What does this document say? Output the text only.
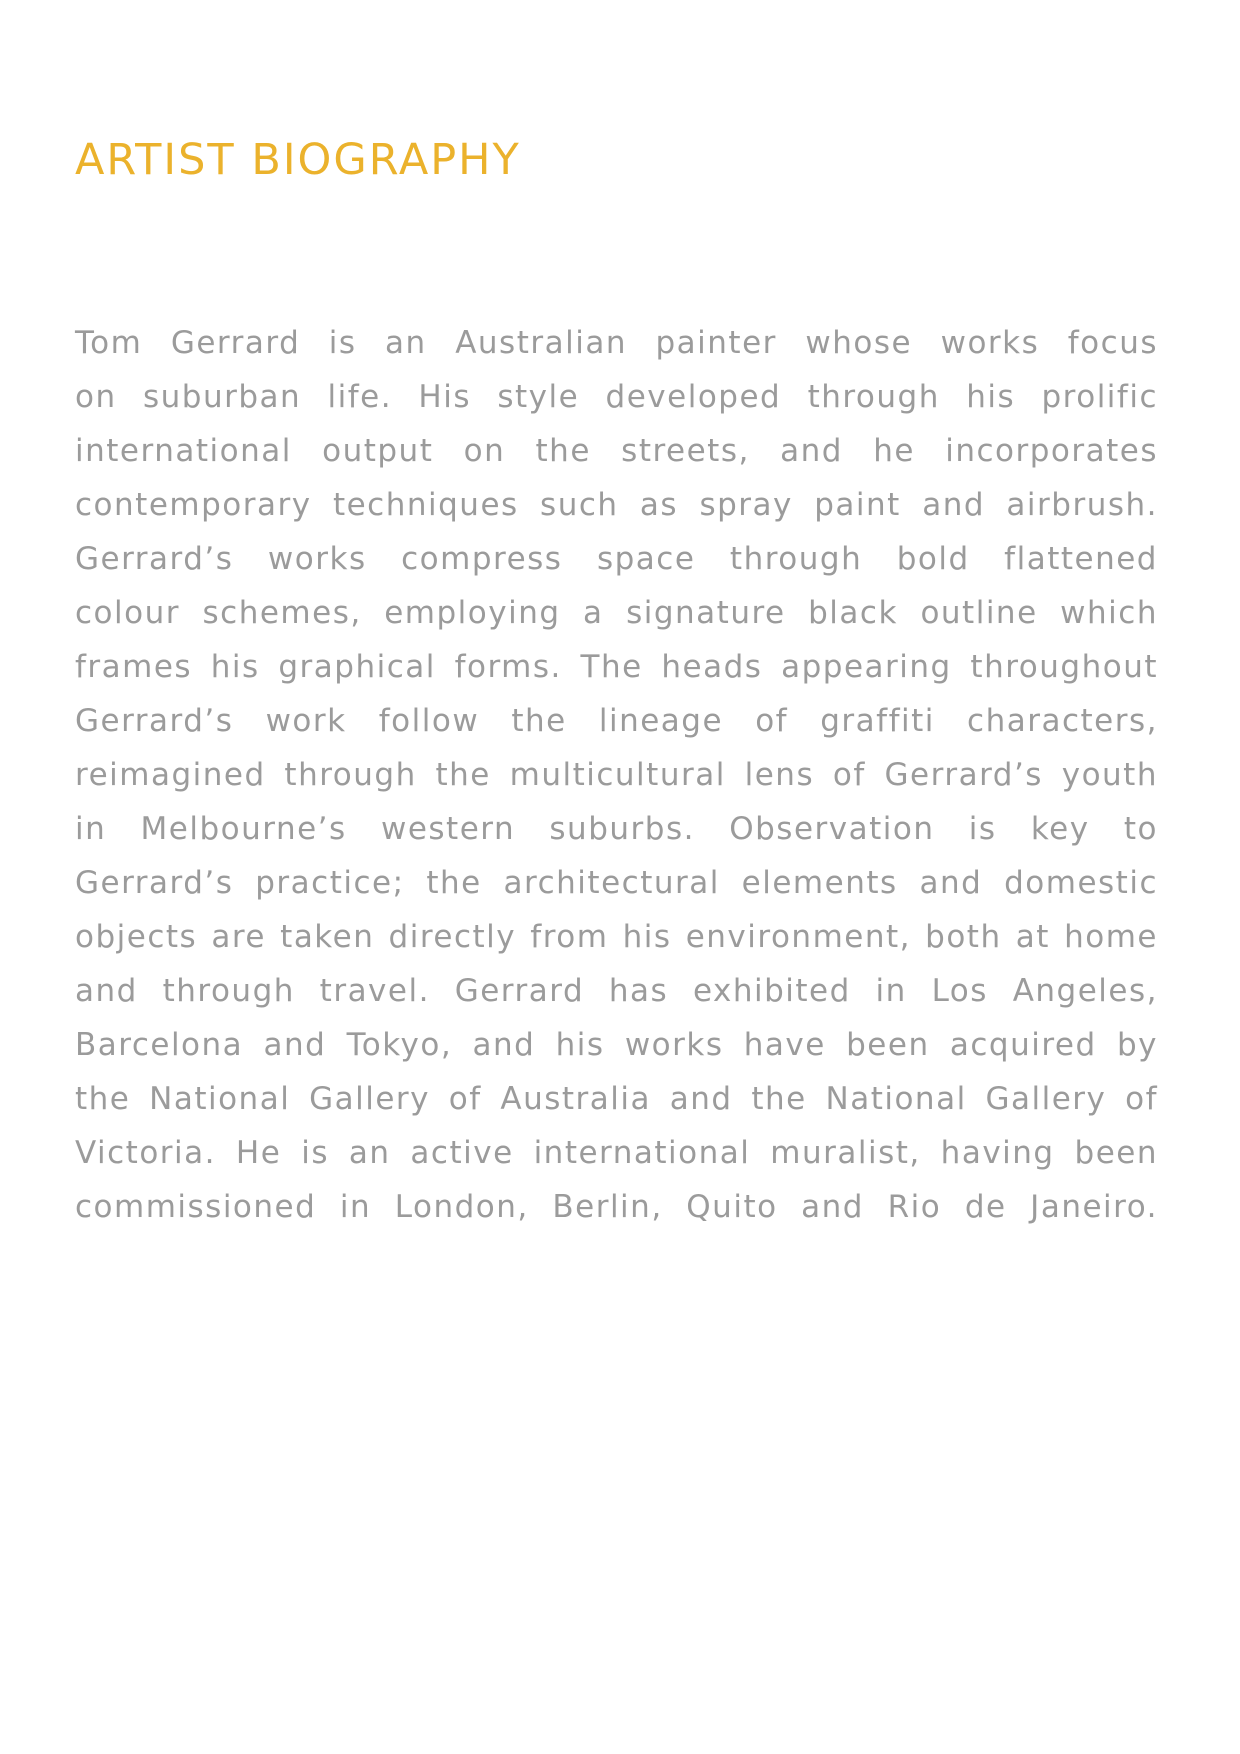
ARTIST BIOGRAPHY
Tom Gerrard is an Australian painter whose works focus
on suburban life. His style developed through his prolific
international output on the streets, and he incorporates
contemporary techniques such as spray paint and airbrush.
Gerrard’s works compress space through bold flattened
colour schemes, employing a signature black outline which
frames his graphical forms. The heads appearing throughout
Gerrard’s work follow the lineage of graffiti characters,
reimagined through the multicultural lens of Gerrard’s youth
in Melbourne’s western suburbs. Observation is key to
Gerrard’s practice; the architectural elements and domestic
objects are taken directly from his environment, both at home
and through travel. Gerrard has exhibited in Los Angeles,
Barcelona and Tokyo, and his works have been acquired by
the National Gallery of Australia and the National Gallery of
Victoria. He is an active international muralist, having been
commissioned in London, Berlin, Quito and Rio de Janeiro.
